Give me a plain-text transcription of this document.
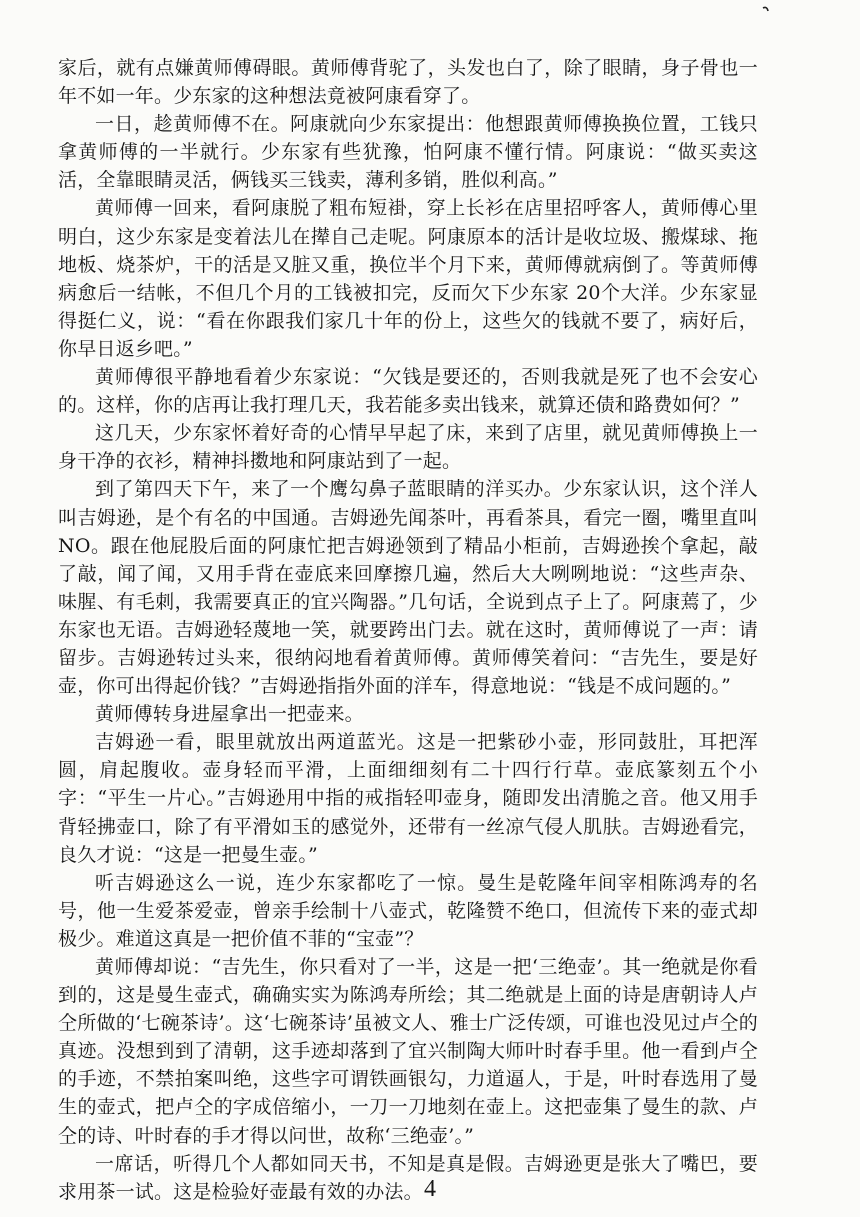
家后，就有点嫌黄师傅碍眼。黄师傅背驼了，头发也白了，除了眼睛，身子骨也一年不如一年。少东家的这种想法竟被阿康看穿了。

一日，趁黄师傅不在。阿康就向少东家提出：他想跟黄师傅换换位置，工钱只拿黄师傅的一半就行。少东家有些犹豫，怕阿康不懂行情。阿康说：“做买卖这活，全靠眼睛灵活，俩钱买三钱卖，薄利多销，胜似利高。”

黄师傅一回来，看阿康脱了粗布短褂，穿上长衫在店里招呼客人，黄师傅心里明白，这少东家是变着法儿在撵自己走呢。阿康原本的活计是收垃圾、搬煤球、拖地板、烧茶炉，干的活是又脏又重，换位半个月下来，黄师傅就病倒了。等黄师傅病愈后一结帐，不但几个月的工钱被扣完，反而欠下少东家 20个大洋。少东家显得挺仁义，说：“看在你跟我们家几十年的份上，这些欠的钱就不要了，病好后，你早日返乡吧。”

黄师傅很平静地看着少东家说：“欠钱是要还的，否则我就是死了也不会安心的。这样，你的店再让我打理几天，我若能多卖出钱来，就算还债和路费如何？”

这几天，少东家怀着好奇的心情早早起了床，来到了店里，就见黄师傅换上一身干净的衣衫，精神抖擞地和阿康站到了一起。

到了第四天下午，来了一个鹰勾鼻子蓝眼睛的洋买办。少东家认识，这个洋人叫吉姆逊，是个有名的中国通。吉姆逊先闻茶叶，再看茶具，看完一圈，嘴里直叫 NO。跟在他屁股后面的阿康忙把吉姆逊领到了精品小柜前，吉姆逊挨个拿起，敲了敲，闻了闻，又用手背在壶底来回摩擦几遍，然后大大咧咧地说：“这些声杂、味腥、有毛刺，我需要真正的宜兴陶器。”几句话，全说到点子上了。阿康蔫了，少东家也无语。吉姆逊轻蔑地一笑，就要跨出门去。就在这时，黄师傅说了一声：请留步。吉姆逊转过头来，很纳闷地看着黄师傅。黄师傅笑着问：“吉先生，要是好壶，你可出得起价钱？”吉姆逊指指外面的洋车，得意地说：“钱是不成问题的。”

黄师傅转身进屋拿出一把壶来。

吉姆逊一看，眼里就放出两道蓝光。这是一把紫砂小壶，形同鼓肚，耳把浑圆，肩起腹收。壶身轻而平滑，上面细细刻有二十四行行草。壶底篆刻五个小字：“平生一片心。”吉姆逊用中指的戒指轻叩壶身，随即发出清脆之音。他又用手背轻拂壶口，除了有平滑如玉的感觉外，还带有一丝凉气侵人肌肤。吉姆逊看完，良久才说：“这是一把曼生壶。”

听吉姆逊这么一说，连少东家都吃了一惊。曼生是乾隆年间宰相陈鸿寿的名号，他一生爱茶爱壶，曾亲手绘制十八壶式，乾隆赞不绝口，但流传下来的壶式却极少。难道这真是一把价值不菲的“宝壶”？

黄师傅却说：“吉先生，你只看对了一半，这是一把‘三绝壶’。其一绝就是你看到的，这是曼生壶式，确确实实为陈鸿寿所绘；其二绝就是上面的诗是唐朝诗人卢仝所做的‘七碗茶诗’。这‘七碗茶诗’虽被文人、雅士广泛传颂，可谁也没见过卢仝的真迹。没想到到了清朝，这手迹却落到了宜兴制陶大师叶时春手里。他一看到卢仝的手迹，不禁拍案叫绝，这些字可谓铁画银勾，力道逼人，于是，叶时春选用了曼生的壶式，把卢仝的字成倍缩小，一刀一刀地刻在壶上。这把壶集了曼生的款、卢仝的诗、叶时春的手才得以问世，故称‘三绝壶’。”

一席话，听得几个人都如同天书，不知是真是假。吉姆逊更是张大了嘴巴，要求用茶一试。这是检验好壶最有效的办法。 4
